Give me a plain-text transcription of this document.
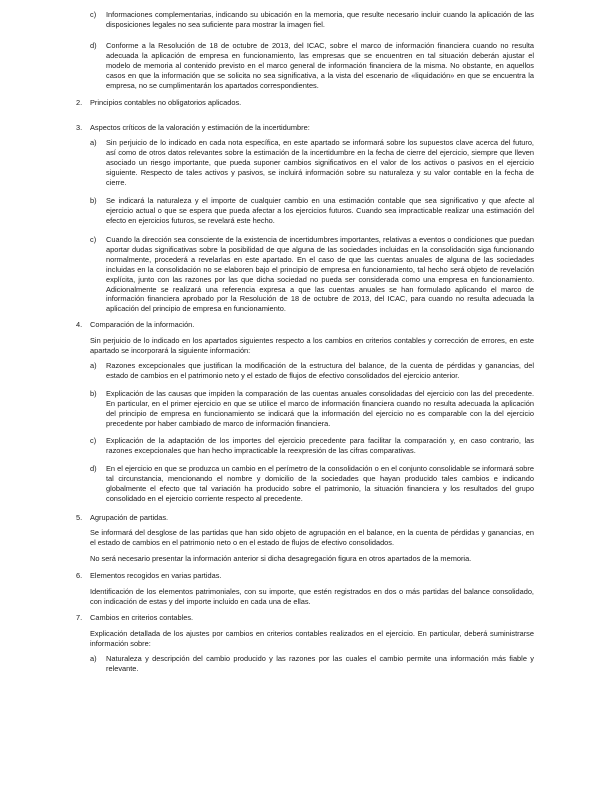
c) Informaciones complementarias, indicando su ubicación en la memoria, que resulte necesario incluir cuando la aplicación de las disposiciones legales no sea suficiente para mostrar la imagen fiel.

d) Conforme a la Resolución de 18 de octubre de 2013, del ICAC, sobre el marco de información financiera cuando no resulta adecuada la aplicación de empresa en funcionamiento, las empresas que se encuentren en tal situación deberán ajustar el modelo de memoria al contenido previsto en el marco general de información financiera de la misma. No obstante, en aquellos casos en que la información que se solicita no sea significativa, a la vista del escenario de «liquidación» en que se encuentra la empresa, no se cumplimentarán los apartados correspondientes.

2. Principios contables no obligatorios aplicados.

3. Aspectos críticos de la valoración y estimación de la incertidumbre:

a) Sin perjuicio de lo indicado en cada nota específica, en este apartado se informará sobre los supuestos clave acerca del futuro, así como de otros datos relevantes sobre la estimación de la incertidumbre en la fecha de cierre del ejercicio, siempre que lleven asociado un riesgo importante, que pueda suponer cambios significativos en el valor de los activos o pasivos en el ejercicio siguiente. Respecto de tales activos y pasivos, se incluirá información sobre su naturaleza y su valor contable en la fecha de cierre.

b) Se indicará la naturaleza y el importe de cualquier cambio en una estimación contable que sea significativo y que afecte al ejercicio actual o que se espera que pueda afectar a los ejercicios futuros. Cuando sea impracticable realizar una estimación del efecto en ejercicios futuros, se revelará este hecho.

c) Cuando la dirección sea consciente de la existencia de incertidumbres importantes, relativas a eventos o condiciones que puedan aportar dudas significativas sobre la posibilidad de que alguna de las sociedades incluidas en la consolidación siga funcionando normalmente, procederá a revelarlas en este apartado. En el caso de que las cuentas anuales de alguna de las sociedades incluidas en la consolidación no se elaboren bajo el principio de empresa en funcionamiento, tal hecho será objeto de revelación explícita, junto con las razones por las que dicha sociedad no pueda ser considerada como una empresa en funcionamiento. Adicionalmente se realizará una referencia expresa a que las cuentas anuales se han formulado aplicando el marco de información financiera aprobado por la Resolución de 18 de octubre de 2013, del ICAC, para cuando no resulta adecuada la aplicación del principio de empresa en funcionamiento.

4. Comparación de la información.

Sin perjuicio de lo indicado en los apartados siguientes respecto a los cambios en criterios contables y corrección de errores, en este apartado se incorporará la siguiente información:

a) Razones excepcionales que justifican la modificación de la estructura del balance, de la cuenta de pérdidas y ganancias, del estado de cambios en el patrimonio neto y el estado de flujos de efectivo consolidados del ejercicio anterior.

b) Explicación de las causas que impiden la comparación de las cuentas anuales consolidadas del ejercicio con las del precedente. En particular, en el primer ejercicio en que se utilice el marco de información financiera cuando no resulta adecuada la aplicación del principio de empresa en funcionamiento se indicará que la información del ejercicio no es comparable con la del ejercicio precedente por haber cambiado de marco de información financiera.

c) Explicación de la adaptación de los importes del ejercicio precedente para facilitar la comparación y, en caso contrario, las razones excepcionales que han hecho impracticable la reexpresión de las cifras comparativas.

d) En el ejercicio en que se produzca un cambio en el perímetro de la consolidación o en el conjunto consolidable se informará sobre tal circunstancia, mencionando el nombre y domicilio de la sociedades que hayan producido tales cambios e indicando globalmente el efecto que tal variación ha producido sobre el patrimonio, la situación financiera y los resultados del grupo consolidado en el ejercicio corriente respecto al precedente.

5. Agrupación de partidas.

Se informará del desglose de las partidas que han sido objeto de agrupación en el balance, en la cuenta de pérdidas y ganancias, en el estado de cambios en el patrimonio neto o en el estado de flujos de efectivo consolidados.

No será necesario presentar la información anterior si dicha desagregación figura en otros apartados de la memoria.

6. Elementos recogidos en varias partidas.

Identificación de los elementos patrimoniales, con su importe, que estén registrados en dos o más partidas del balance consolidado, con indicación de estas y del importe incluido en cada una de ellas.

7. Cambios en criterios contables.

Explicación detallada de los ajustes por cambios en criterios contables realizados en el ejercicio. En particular, deberá suministrarse información sobre:

a) Naturaleza y descripción del cambio producido y las razones por las cuales el cambio permite una información más fiable y relevante.
